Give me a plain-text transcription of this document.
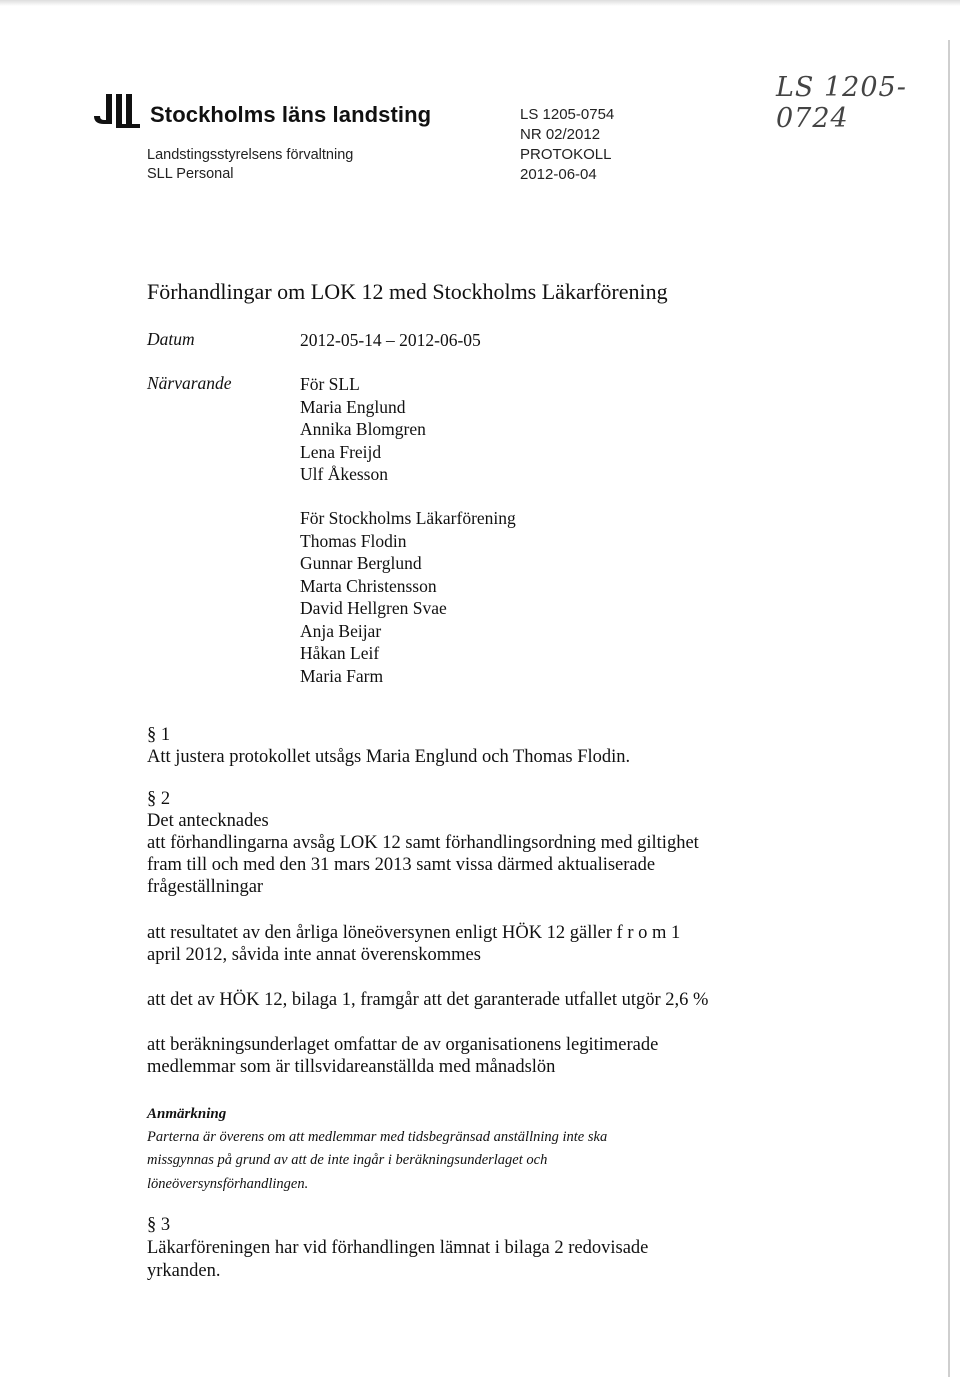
Stockholms läns landsting
Landstingsstyrelsens förvaltning
SLL Personal
LS 1205-0754
NR 02/2012
PROTOKOLL
2012-06-04
LS 1205-0724
Förhandlingar om LOK 12 med Stockholms Läkarförening
Datum	2012-05-14 – 2012-06-05
Närvarande	För SLL
Maria Englund
Annika Blomgren
Lena Freijd
Ulf Åkesson
För Stockholms Läkarförening
Thomas Flodin
Gunnar Berglund
Marta Christensson
David Hellgren Svae
Anja Beijar
Håkan Leif
Maria Farm
§ 1
Att justera protokollet utsågs Maria Englund och Thomas Flodin.
§ 2
Det antecknades
att förhandlingarna avsåg LOK 12 samt förhandlingsordning med giltighet
fram till och med den 31 mars 2013 samt vissa därmed aktualiserade
frågeställningar
att resultatet av den årliga löneöversynen enligt HÖK 12 gäller f r o m 1
april 2012, såvida inte annat överenskommes
att det av HÖK 12, bilaga 1, framgår att det garanterade utfallet utgör 2,6 %
att beräkningsunderlaget omfattar de av organisationens legitimerade
medlemmar som är tillsvidareanställda med månadslön
Anmärkning
Parterna är överens om att medlemmar med tidsbegränsad anställning inte ska
missgynnas på grund av att de inte ingår i beräkningsunderlaget och
löneöversynsförhandlingen.
§ 3
Läkarföreningen har vid förhandlingen lämnat i bilaga 2 redovisade
yrkanden.
